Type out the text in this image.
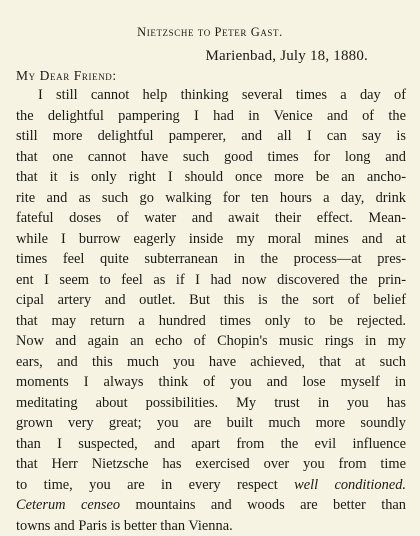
Nietzsche to Peter Gast.
Marienbad, July 18, 1880.
My Dear Friend:
I still cannot help thinking several times a day of
the delightful pampering I had in Venice and of the
still more delightful pamperer, and all I can say is
that one cannot have such good times for long and
that it is only right I should once more be an ancho-
rite and as such go walking for ten hours a day, drink
fateful doses of water and await their effect. Mean-
while I burrow eagerly inside my moral mines and at
times feel quite subterranean in the process—at pres-
ent I seem to feel as if I had now discovered the prin-
cipal artery and outlet. But this is the sort of belief
that may return a hundred times only to be rejected.
Now and again an echo of Chopin's music rings in my
ears, and this much you have achieved, that at such
moments I always think of you and lose myself in
meditating about possibilities. My trust in you has
grown very great; you are built much more soundly
than I suspected, and apart from the evil influence
that Herr Nietzsche has exercised over you from time
to time, you are in every respect well conditioned.
Ceterum censeo mountains and woods are better than
towns and Paris is better than Vienna.
